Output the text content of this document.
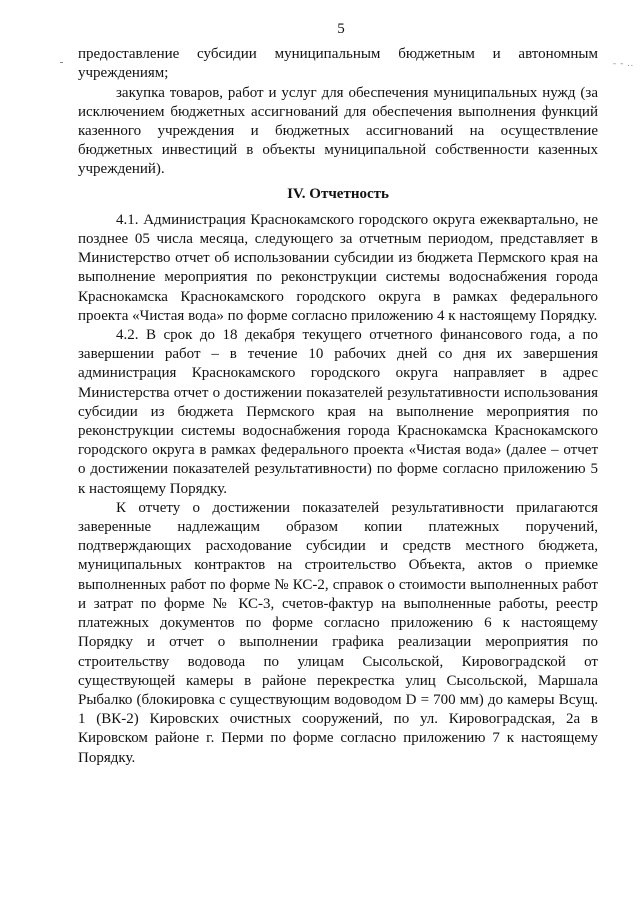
- - ..
5

предоставление субсидии муниципальным бюджетным и автономным учреждениям;

закупка товаров, работ и услуг для обеспечения муниципальных нужд (за исключением бюджетных ассигнований для обеспечения выполнения функций казенного учреждения и бюджетных ассигнований на осуществление бюджетных инвестиций в объекты муниципальной собственности казенных учреждений).

IV. Отчетность

4.1. Администрация Краснокамского городского округа ежеквартально, не позднее 05 числа месяца, следующего за отчетным периодом, представляет в Министерство отчет об использовании субсидии из бюджета Пермского края на выполнение мероприятия по реконструкции системы водоснабжения города Краснокамска Краснокамского городского округа в рамках федерального проекта «Чистая вода» по форме согласно приложению 4 к настоящему Порядку.

4.2. В срок до 18 декабря текущего отчетного финансового года, а по завершении работ – в течение 10 рабочих дней со дня их завершения администрация Краснокамского городского округа направляет в адрес Министерства отчет о достижении показателей результативности использования субсидии из бюджета Пермского края на выполнение мероприятия по реконструкции системы водоснабжения города Краснокамска Краснокамского городского округа в рамках федерального проекта «Чистая вода» (далее – отчет о достижении показателей результативности) по форме согласно приложению 5 к настоящему Порядку.

К отчету о достижении показателей результативности прилагаются заверенные надлежащим образом копии платежных поручений, подтверждающих расходование субсидии и средств местного бюджета, муниципальных контрактов на строительство Объекта, актов о приемке выполненных работ по форме № КС-2, справок о стоимости выполненных работ и затрат по форме № КС-3, счетов-фактур на выполненные работы, реестр платежных документов по форме согласно приложению 6 к настоящему Порядку и отчет о выполнении графика реализации мероприятия по строительству водовода по улицам Сысольской, Кировоградской от существующей камеры в районе перекрестка улиц Сысольской, Маршала Рыбалко (блокировка с существующим водоводом D = 700 мм) до камеры Всущ. 1 (ВК-2) Кировских очистных сооружений, по ул. Кировоградская, 2а в Кировском районе г. Перми по форме согласно приложению 7 к настоящему Порядку.
